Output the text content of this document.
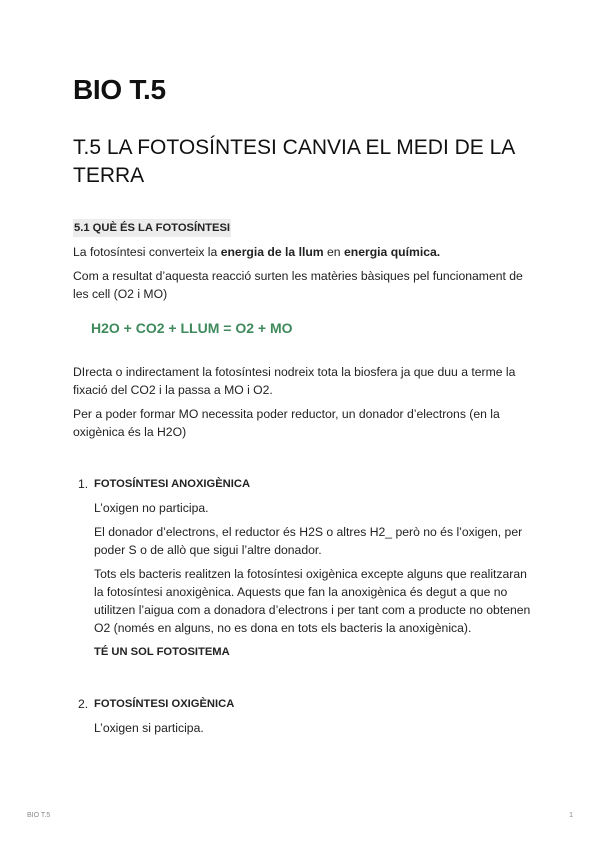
BIO T.5
T.5 LA FOTOSÍNTESI CANVIA EL MEDI DE LA TERRA
5.1 QUÈ ÉS LA FOTOSÍNTESI

La fotosíntesi converteix la energia de la llum en energia química.

Com a resultat d’aquesta reacció surten les matèries bàsiques pel funcionament de les cell (O2 i MO)

H2O + CO2 + LLUM = O2 + MO

DIrecta o indirectament la fotosíntesi nodreix tota la biosfera ja que duu a terme la fixació del CO2 i la passa a MO i O2.

Per a poder formar MO necessita poder reductor, un donador d’electrons (en la oxigènica és la H2O)

1. FOTOSÍNTESI ANOXIGÈNICA

L’oxigen no participa.

El donador d’electrons, el reductor és H2S o altres H2_ però no és l’oxigen, per poder S o de allò que sigui l’altre donador.

Tots els bacteris realitzen la fotosíntesi oxigènica excepte alguns que realitzaran la fotosíntesi anoxigènica. Aquests que fan la anoxigènica és degut a que no utilitzen l’aigua com a donadora d’electrons i per tant com a producte no obtenen O2 (només en alguns, no es dona en tots els bacteris la anoxigènica).

TÉ UN SOL FOTOSITEMA

2. FOTOSÍNTESI OXIGÈNICA

L’oxigen si participa.

BIO T.5	1
